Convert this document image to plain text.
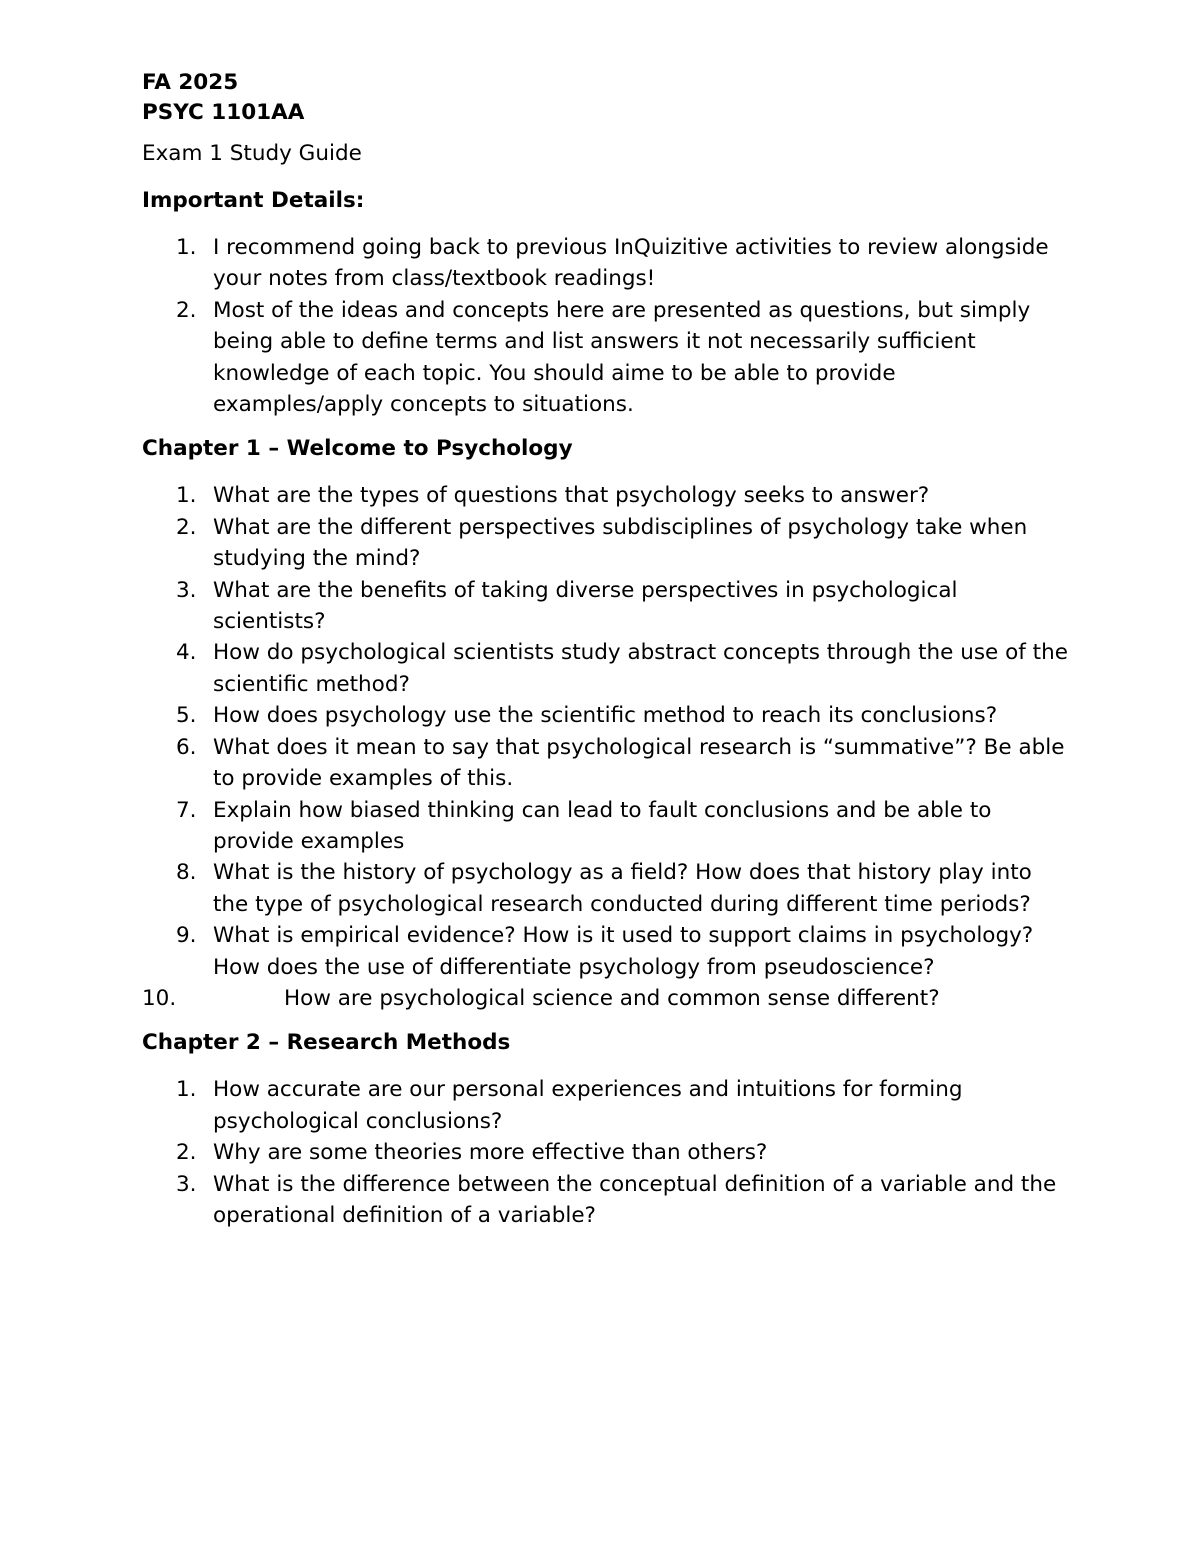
FA 2025

PSYC 1101AA

Exam 1 Study Guide

Important Details:
1. I recommend going back to previous InQuizitive activities to review alongside your notes from class/textbook readings!
2. Most of the ideas and concepts here are presented as questions, but simply being able to define terms and list answers it not necessarily sufficient knowledge of each topic. You should aime to be able to provide examples/apply concepts to situations.
Chapter 1 – Welcome to Psychology
1. What are the types of questions that psychology seeks to answer?
2. What are the different perspectives subdisciplines of psychology take when studying the mind?
3. What are the benefits of taking diverse perspectives in psychological scientists?
4. How do psychological scientists study abstract concepts through the use of the scientific method?
5. How does psychology use the scientific method to reach its conclusions?
6. What does it mean to say that psychological research is “summative”? Be able to provide examples of this.
7. Explain how biased thinking can lead to fault conclusions and be able to provide examples
8. What is the history of psychology as a field? How does that history play into the type of psychological research conducted during different time periods?
9. What is empirical evidence? How is it used to support claims in psychology? How does the use of differentiate psychology from pseudoscience?
10.	How are psychological science and common sense different?
Chapter 2 – Research Methods
1. How accurate are our personal experiences and intuitions for forming psychological conclusions?
2. Why are some theories more effective than others?
3. What is the difference between the conceptual definition of a variable and the operational definition of a variable?
